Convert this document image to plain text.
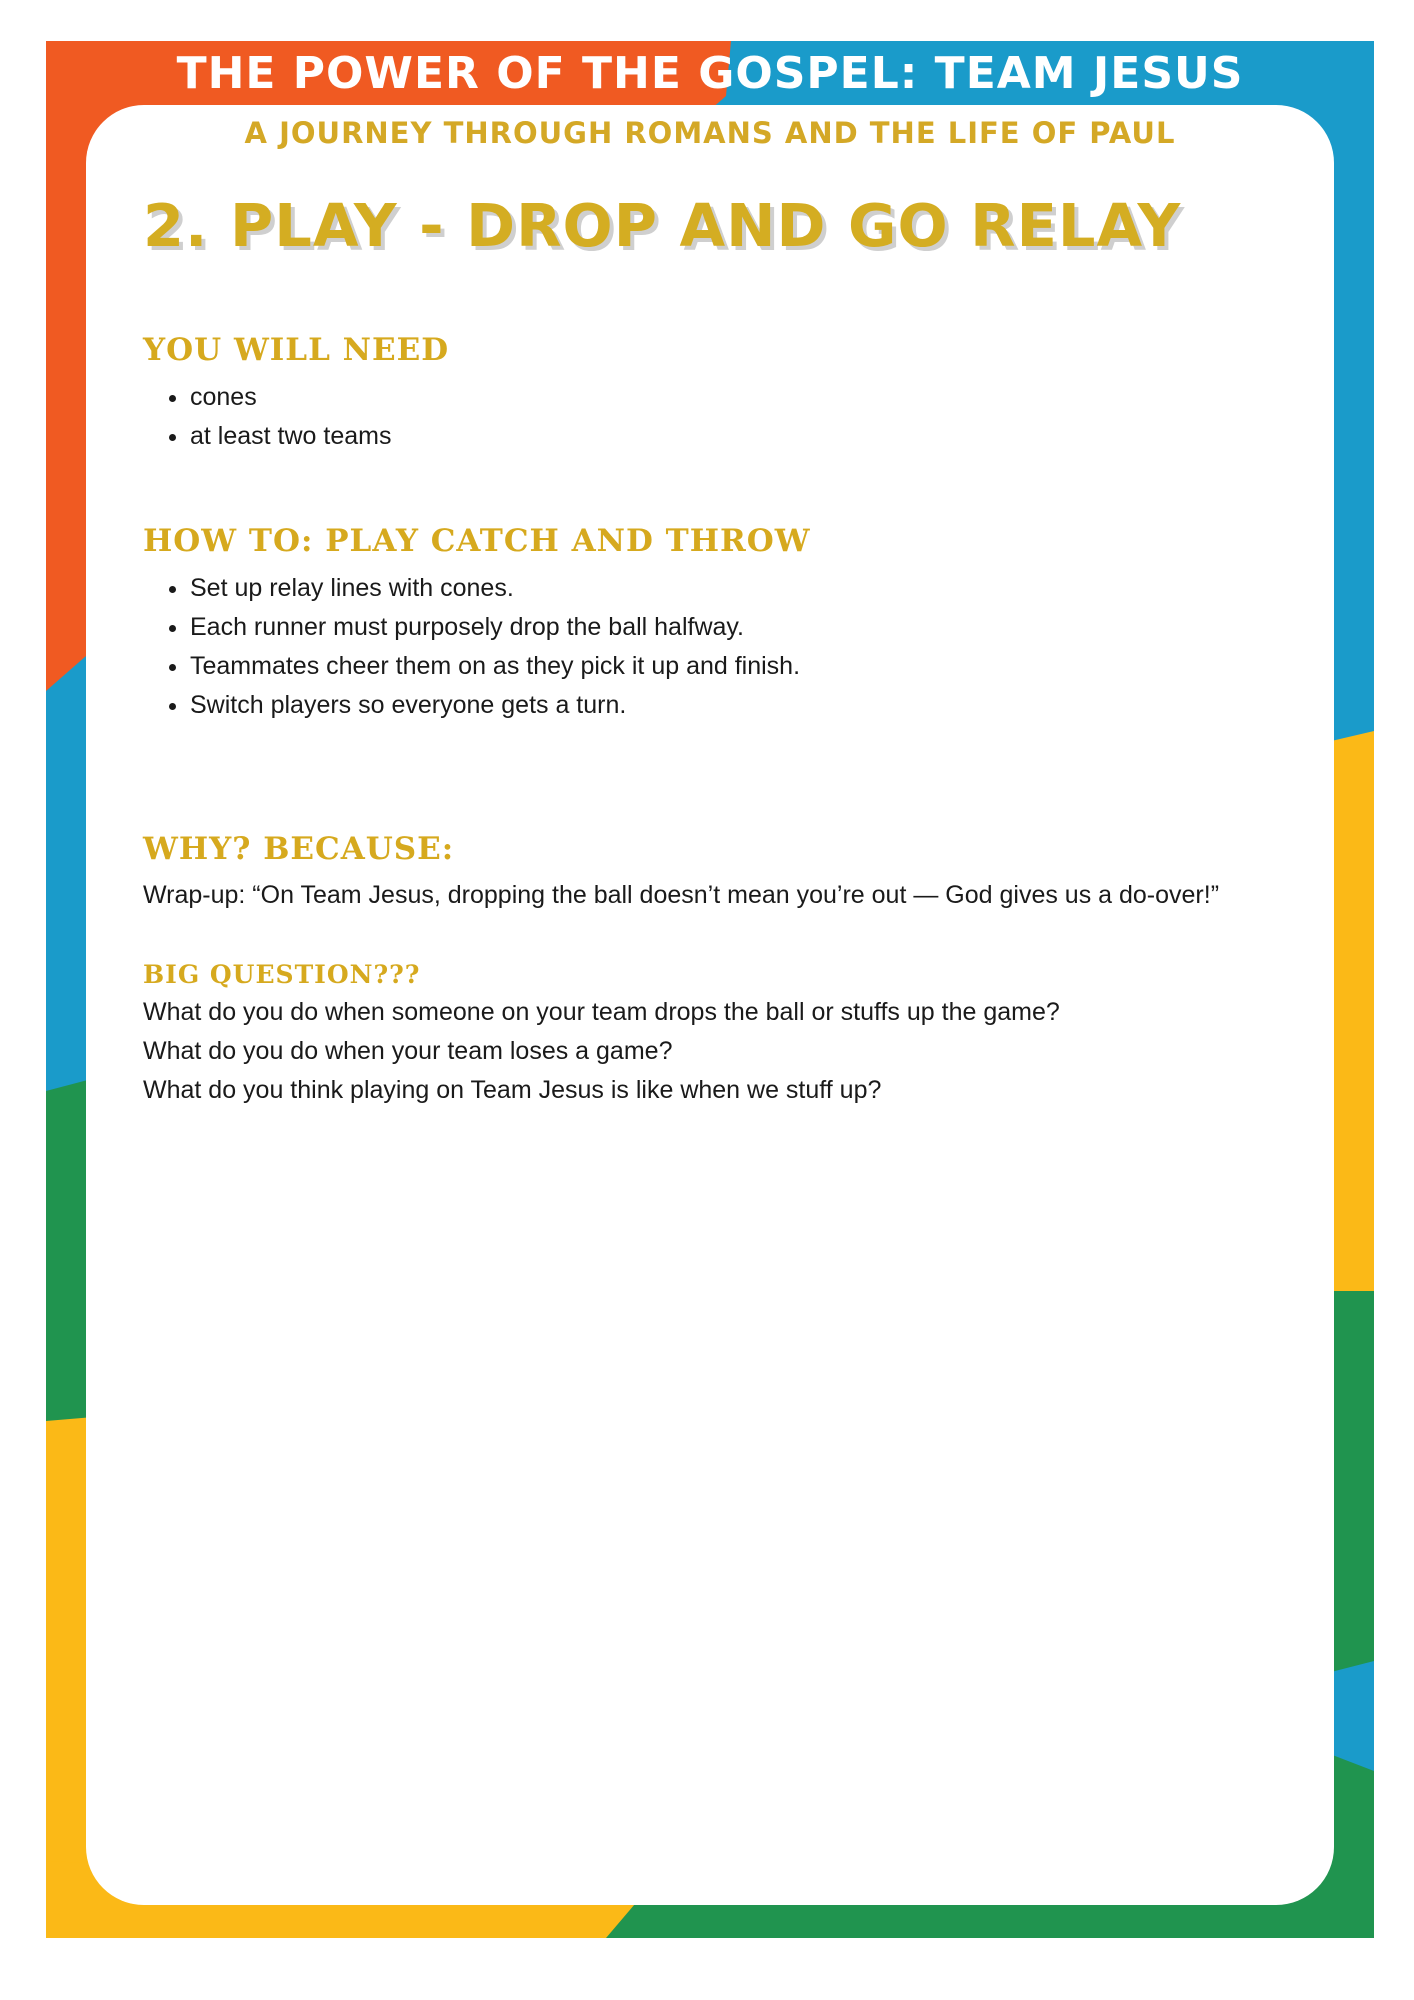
THE POWER OF THE GOSPEL: TEAM JESUS
A JOURNEY THROUGH ROMANS AND THE LIFE OF PAUL
2. PLAY - DROP AND GO RELAY
YOU WILL NEED
• cones
• at least two teams
HOW TO: PLAY CATCH AND THROW
• Set up relay lines with cones.
• Each runner must purposely drop the ball halfway.
• Teammates cheer them on as they pick it up and finish.
• Switch players so everyone gets a turn.
WHY? BECAUSE:
Wrap-up: “On Team Jesus, dropping the ball doesn’t mean you’re out — God gives us a do-over!”
BIG QUESTION???
What do you do when someone on your team drops the ball or stuffs up the game?
What do you do when your team loses a game?
What do you think playing on Team Jesus is like when we stuff up?
